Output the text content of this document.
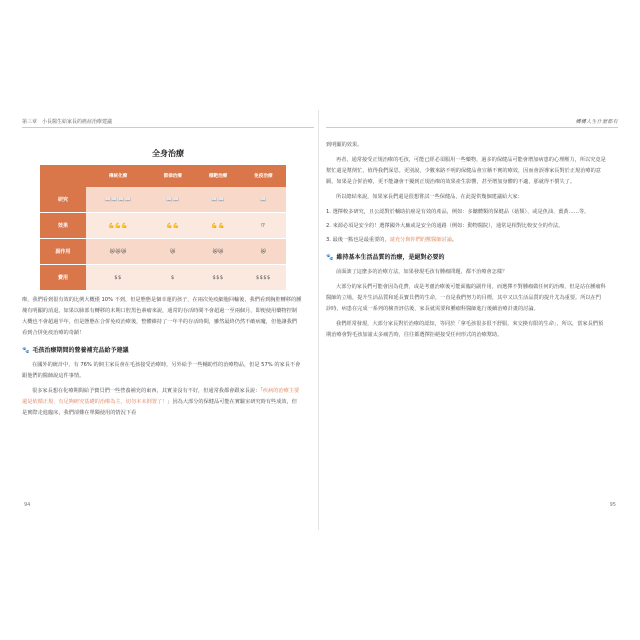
第三章　小長醫生給家長的癌症治療建議
全身治療
	傳統化療	節律治療	標靶治療	免疫治療
研究	📖📖📖📖	📖📖	📖📖	📖
效果	💪💪💪	💪💪	💪💪	⁉
副作用	😿😿😿	😿	😿😿	😿
費用	$$	$	$$$	$$$$

療，我們看到很有效的比例大概僅 10% 不到，但是態態是個幸運的孩子，在兩次免疫細胞回輸後，我們看到胸腔轉移的腫塊有明顯的消退，如果以肺部有轉移的末期口腔黑色素瘤來說，通常的存活時間不會超過一至兩個月，即便使用藥物控制大概也不會超過半年，但是態態在合併免疫治療後，整體維持了一年半的存活時間，雖然最終仍然不敵病魔，但他讓我們看到合併免疫治療的奇蹟！

🐾 毛孩治療期間的營養補充品給予建議

在國外的統計中，有 76% 的飼主家長會在毛孩接受治療時，另外給予一些輔助性的治療物品，但是 57% 的家長不會跟他們的醫師說這件事情。

很多家長想在化療期間給予寶貝們一些營養補充的東西，其實並沒有不好，但通常我都會跟家長說：「疾病的治療主要還是依循正規、有足夠研究基礎的治療為主，切勿本末倒置了！」因為大部分的保健品可能在實驗室研究時有些成效，但是實際走進臨床，我們卻難在單獨使用的情況下看

94
轉轉人生什麼都有

到明顯的效果。

再者，通常接受正規治療的毛孩，可能已經必須服用一些藥物，過多的保健品可能會增加病患的心理壓力，所以究竟是幫忙還是幫倒忙，值得我們深思。更別說，少數來路不明的保健品會宣稱不實的療效，因而會誤導家長對於正規治療的意願。如果是合併治療，更不能讓會干擾到正規治療的效果產生影響，甚至增加身體的不適，那就得不償失了。

所以總結來說，如果家長們還是很想嘗試一些保健品，在此提供幾個建議給大家：

1. 選擇較多研究，且公認對於輔助抗癌是有效的產品，例如：多醣體類的保健品（菇類）、或是魚油、薑黃……等。

2. 來源必須是安全的！選擇國外大廠或是安全的通路（例如：動物醫院），通常是相對比較安全的作法。

3. 最後一點也是最重要的，請充分與你們的獸醫師討論。

🐾 維持基本生活品質的治療，是絕對必要的

前面談了這麼多的治療方法，如果發現毛孩有腫瘤問題，都不治療會怎樣？

大部分的家長們可能會因為花費，或是考慮治療後可能面臨的副作用，而選擇不對腫瘤做任何的治療，但是站在腫瘤科醫師的立場，提升生活品質和延長寶貝們的生命，一直是我們努力的目標，其中又以生活品質的提升尤為重要。所以在門診時，病患在完成一系列的檢查評估後，家長就需要和腫瘤科醫師進行後續治療計畫的討論。

我們經常發現，大部分家長對於治療的認知，等同於「拿毛孩很多很不舒服，來交換有限的生命」，所以，當家長們預期治療會對毛孩加諸太多痛苦時，往往都選擇拒絕接受任何形式的治療幫助。

95
